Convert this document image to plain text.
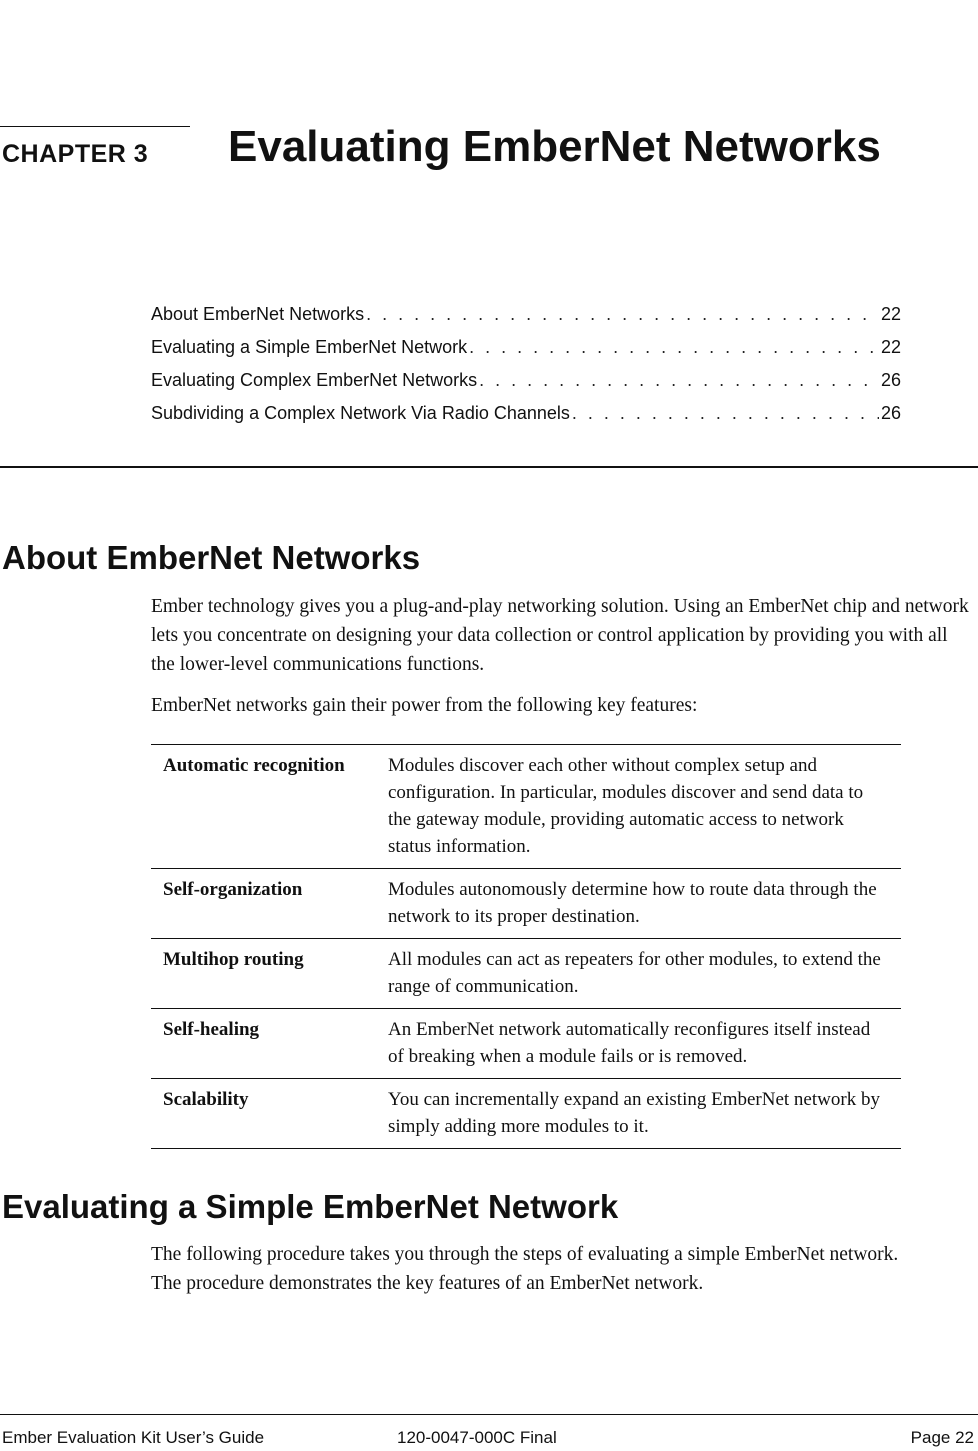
CHAPTER 3 Evaluating EmberNet Networks
About EmberNet Networks . . .	22
Evaluating a Simple EmberNet Network . . .	22
Evaluating Complex EmberNet Networks . . .	26
Subdividing a Complex Network Via Radio Channels . . .	26
About EmberNet Networks

Ember technology gives you a plug-and-play networking solution. Using an EmberNet chip and network lets you concentrate on designing your data collection or control application by providing you with all the lower-level communications functions.

EmberNet networks gain their power from the following key features:

Automatic recognition	Modules discover each other without complex setup and configuration. In particular, modules discover and send data to the gateway module, providing automatic access to network status information.
Self-organization	Modules autonomously determine how to route data through the network to its proper destination.
Multihop routing	All modules can act as repeaters for other modules, to extend the range of communication.
Self-healing	An EmberNet network automatically reconfigures itself instead of breaking when a module fails or is removed.
Scalability	You can incrementally expand an existing EmberNet network by simply adding more modules to it.
Evaluating a Simple EmberNet Network

The following procedure takes you through the steps of evaluating a simple EmberNet network. The procedure demonstrates the key features of an EmberNet network.

Ember Evaluation Kit User’s Guide	120-0047-000C Final	Page 22
